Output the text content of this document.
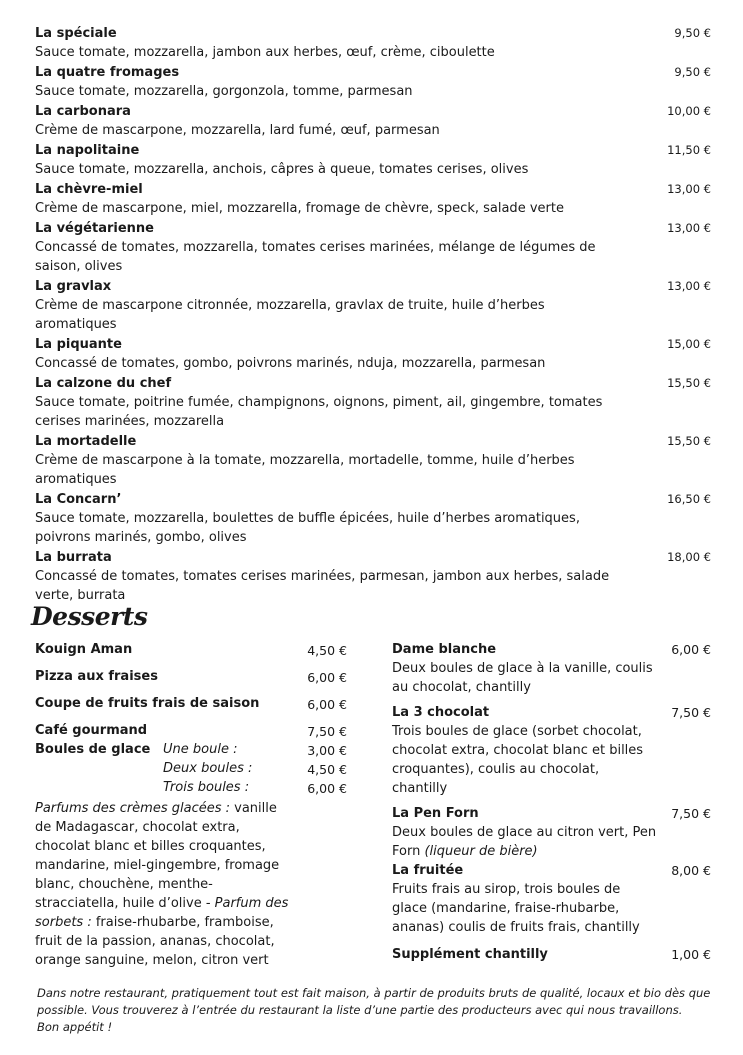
La spéciale
Sauce tomate, mozzarella, jambon aux herbes, œuf, crème, ciboulette
9,50 €
La quatre fromages
Sauce tomate, mozzarella, gorgonzola, tomme, parmesan
9,50 €
La carbonara
Crème de mascarpone, mozzarella, lard fumé, œuf, parmesan
10,00 €
La napolitaine
Sauce tomate, mozzarella, anchois, câpres à queue, tomates cerises, olives
11,50 €
La chèvre-miel
Crème de mascarpone, miel, mozzarella, fromage de chèvre, speck, salade verte
13,00 €
La végétarienne
Concassé de tomates, mozzarella, tomates cerises marinées, mélange de légumes de saison, olives
13,00 €
La gravlax
Crème de mascarpone citronnée, mozzarella, gravlax de truite, huile d’herbes aromatiques
13,00 €
La piquante
Concassé de tomates, gombo, poivrons marinés, nduja, mozzarella, parmesan
15,00 €
La calzone du chef
Sauce tomate, poitrine fumée, champignons, oignons, piment, ail, gingembre, tomates cerises marinées, mozzarella
15,50 €
La mortadelle
Crème de mascarpone à la tomate, mozzarella, mortadelle, tomme, huile d’herbes aromatiques
15,50 €
La Concarn’
Sauce tomate, mozzarella, boulettes de buffle épicées, huile d’herbes aromatiques, poivrons marinés, gombo, olives
16,50 €
La burrata
Concassé de tomates, tomates cerises marinées, parmesan, jambon aux herbes, salade verte, burrata
18,00 €
Desserts
Kouign Aman	4,50 €
Pizza aux fraises	6,00 €
Coupe de fruits frais de saison	6,00 €
Café gourmand	7,50 €
Boules de glace Une boule :	3,00 €
Deux boules :	4,50 €
Trois boules :	6,00 €
Parfums des crèmes glacées : vanille de Madagascar, chocolat extra, chocolat blanc et billes croquantes, mandarine, miel-gingembre, fromage blanc, chouchène, menthe-stracciatella, huile d’olive - Parfum des sorbets : fraise-rhubarbe, framboise, fruit de la passion, ananas, chocolat, orange sanguine, melon, citron vert
Dame blanche
Deux boules de glace à la vanille, coulis au chocolat, chantilly
6,00 €
La 3 chocolat
Trois boules de glace (sorbet chocolat, chocolat extra, chocolat blanc et billes croquantes), coulis au chocolat, chantilly
7,50 €
La Pen Forn
Deux boules de glace au citron vert, Pen Forn (liqueur de bière)
7,50 €
La fruitée
Fruits frais au sirop, trois boules de glace (mandarine, fraise-rhubarbe, ananas) coulis de fruits frais, chantilly
8,00 €
Supplément chantilly	1,00 €
Dans notre restaurant, pratiquement tout est fait maison, à partir de produits bruts de qualité, locaux et bio dès que possible. Vous trouverez à l’entrée du restaurant la liste d’une partie des producteurs avec qui nous travaillons.
Bon appétit !
